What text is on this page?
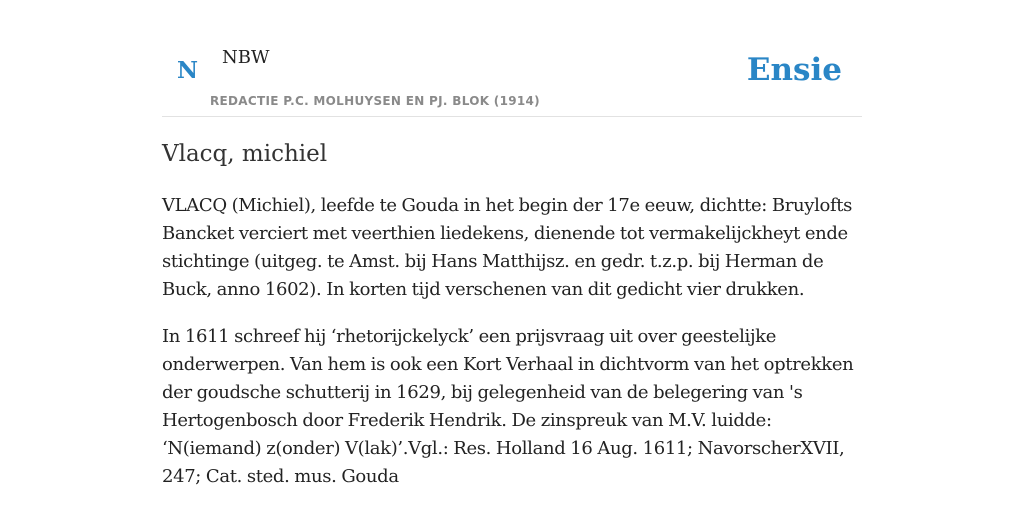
N NBW
REDACTIE P.C. MOLHUYSEN EN PJ. BLOK (1914)
Ensie
Vlacq, michiel

VLACQ (Michiel), leefde te Gouda in het begin der 17e eeuw, dichtte: Bruylofts Bancket verciert met veerthien liedekens, dienende tot vermakelijckheyt ende stichtinge (uitgeg. te Amst. bij Hans Matthijsz. en gedr. t.z.p. bij Herman de Buck, anno 1602). In korten tijd verschenen van dit gedicht vier drukken.

In 1611 schreef hij ‘rhetorijckelyck’ een prijsvraag uit over geestelijke onderwerpen. Van hem is ook een Kort Verhaal in dichtvorm van het optrekken der goudsche schutterij in 1629, bij gelegenheid van de belegering van 's Hertogenbosch door Frederik Hendrik. De zinspreuk van M.V. luidde: ‘N(iemand) z(onder) V(lak)’.Vgl.: Res. Holland 16 Aug. 1611; NavorscherXVII, 247; Cat. sted. mus. Gouda
